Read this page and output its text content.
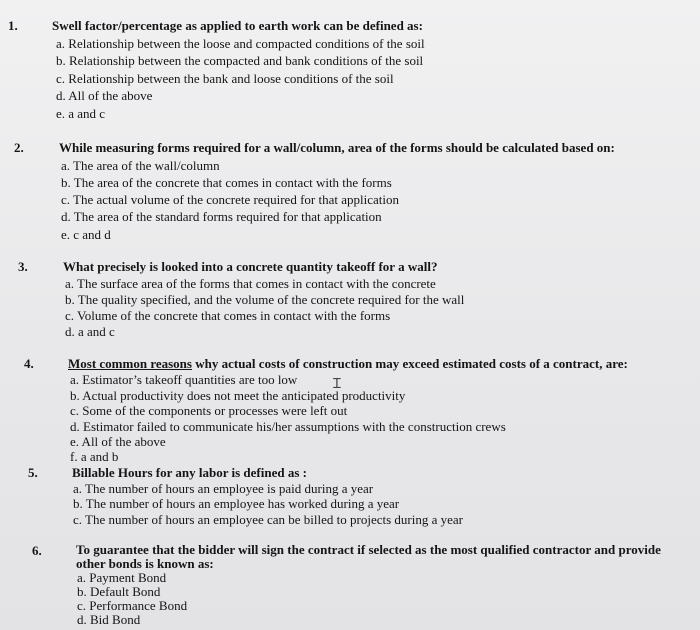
1.	Swell factor/percentage as applied to earth work can be defined as:
a. Relationship between the loose and compacted conditions of the soil
b. Relationship between the compacted and bank conditions of the soil
c. Relationship between the bank and loose conditions of the soil
d. All of the above
e. a and c
2.	While measuring forms required for a wall/column, area of the forms should be calculated based on:
a. The area of the wall/column
b. The area of the concrete that comes in contact with the forms
c. The actual volume of the concrete required for that application
d. The area of the standard forms required for that application
e. c and d
3.	What precisely is looked into a concrete quantity takeoff for a wall?
a. The surface area of the forms that comes in contact with the concrete
b. The quality specified, and the volume of the concrete required for the wall
c. Volume of the concrete that comes in contact with the forms
d. a and c
4.	Most common reasons why actual costs of construction may exceed estimated costs of a contract, are:
a. Estimator’s takeoff quantities are too low	Ɪ
b. Actual productivity does not meet the anticipated productivity
c. Some of the components or processes were left out
d. Estimator failed to communicate his/her assumptions with the construction crews
e. All of the above
f. a and b
5.	Billable Hours for any labor is defined as :
a. The number of hours an employee is paid during a year
b. The number of hours an employee has worked during a year
c. The number of hours an employee can be billed to projects during a year
6.	To guarantee that the bidder will sign the contract if selected as the most qualified contractor and provide other bonds is known as:
a. Payment Bond
b. Default Bond
c. Performance Bond
d. Bid Bond
